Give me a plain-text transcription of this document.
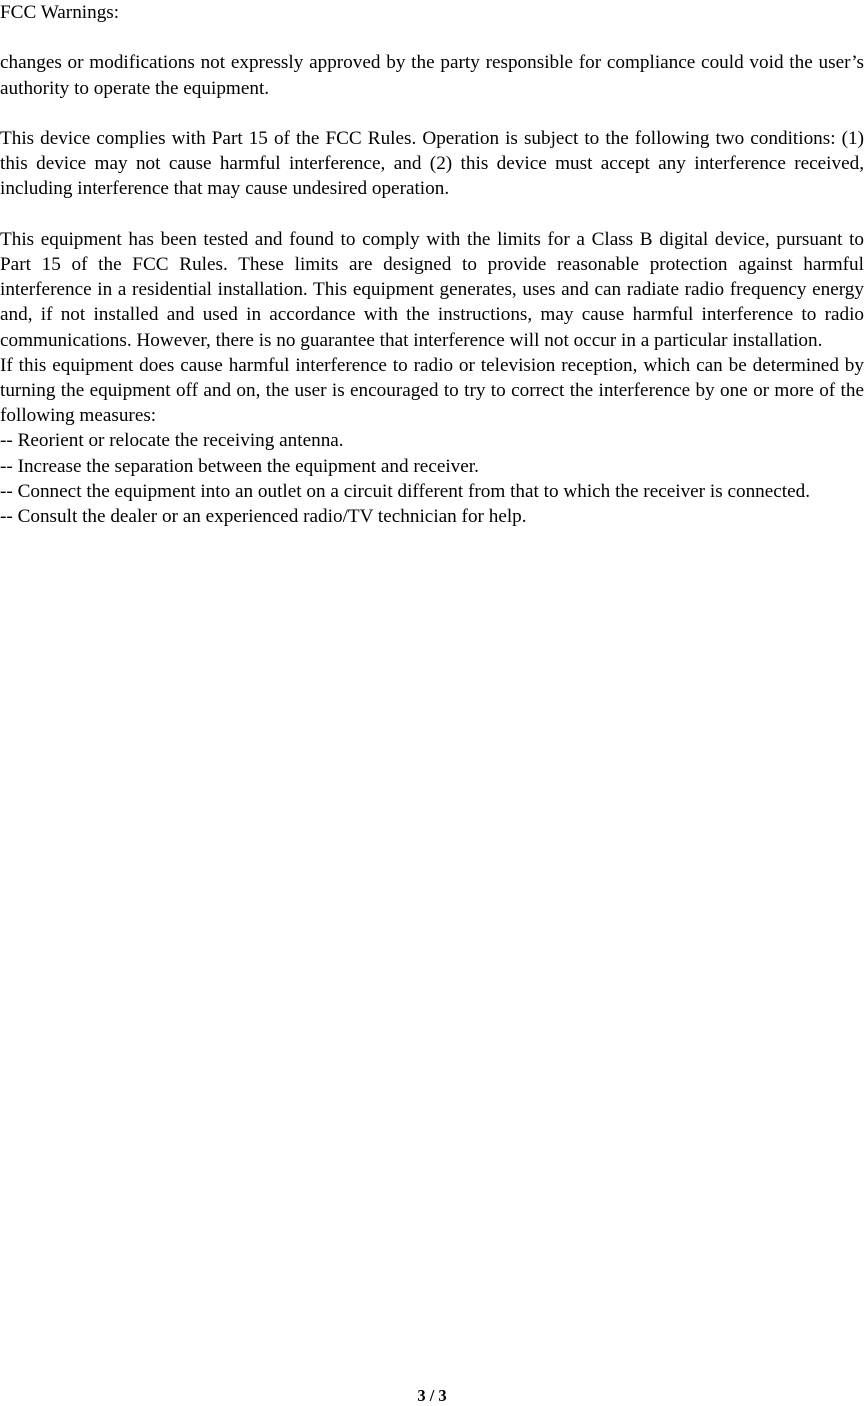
FCC Warnings:

changes or modifications not expressly approved by the party responsible for compliance could void the user’s authority to operate the equipment.

This device complies with Part 15 of the FCC Rules. Operation is subject to the following two conditions: (1) this device may not cause harmful interference, and (2) this device must accept any interference received, including interference that may cause undesired operation.

This equipment has been tested and found to comply with the limits for a Class B digital device, pursuant to Part 15 of the FCC Rules. These limits are designed to provide reasonable protection against harmful interference in a residential installation. This equipment generates, uses and can radiate radio frequency energy and, if not installed and used in accordance with the instructions, may cause harmful interference to radio communications. However, there is no guarantee that interference will not occur in a particular installation.

If this equipment does cause harmful interference to radio or television reception, which can be determined by turning the equipment off and on, the user is encouraged to try to correct the interference by one or more of the following measures:

-- Reorient or relocate the receiving antenna.

-- Increase the separation between the equipment and receiver.

-- Connect the equipment into an outlet on a circuit different from that to which the receiver is connected.

-- Consult the dealer or an experienced radio/TV technician for help.

3 / 3
